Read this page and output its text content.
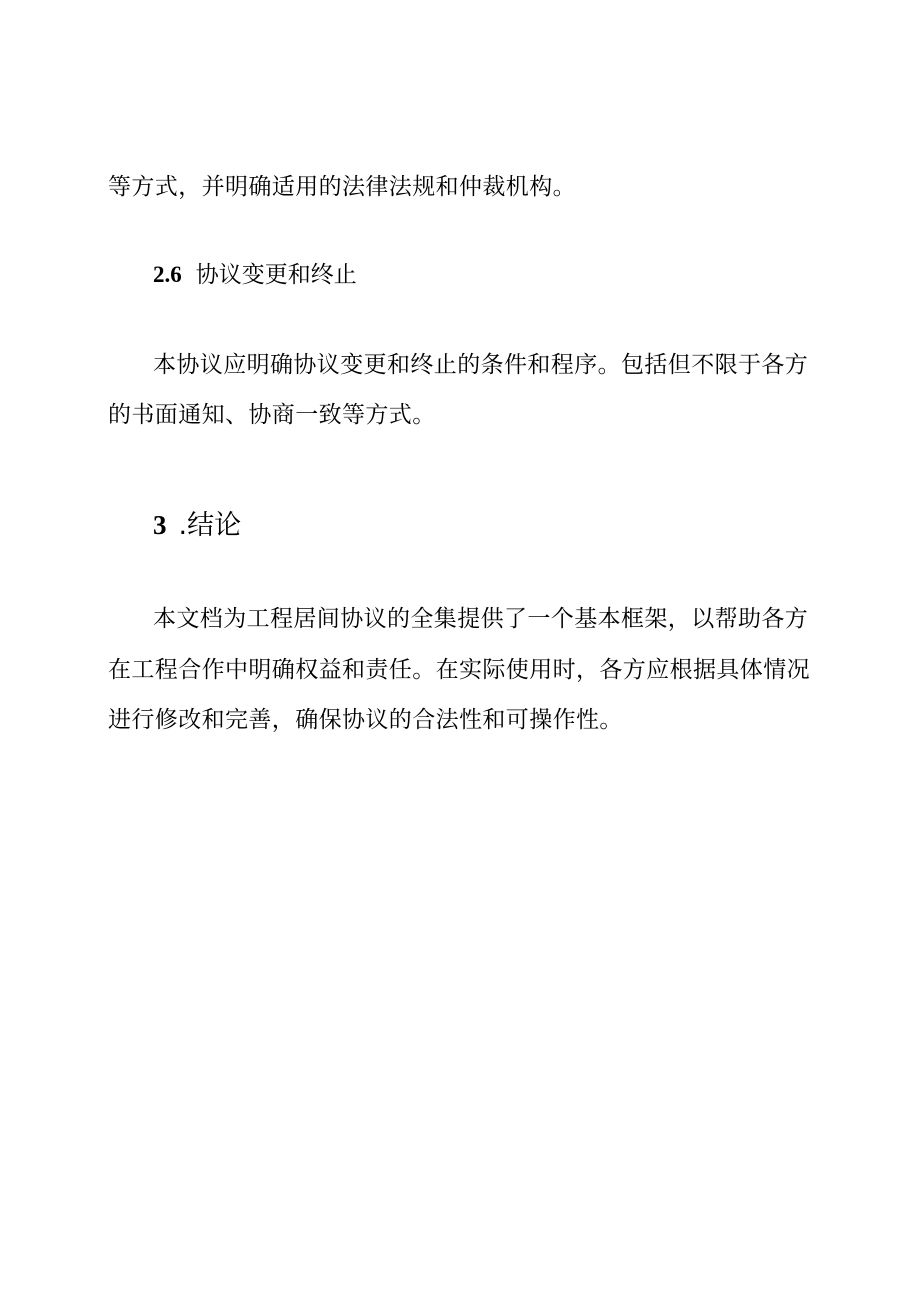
等方式，并明确适用的法律法规和仲裁机构。
2.6 协议变更和终止
本协议应明确协议变更和终止的条件和程序。包括但不限于各方
的书面通知、协商一致等方式。
3 .结论
本文档为工程居间协议的全集提供了一个基本框架，以帮助各方
在工程合作中明确权益和责任。在实际使用时，各方应根据具体情况
进行修改和完善，确保协议的合法性和可操作性。
